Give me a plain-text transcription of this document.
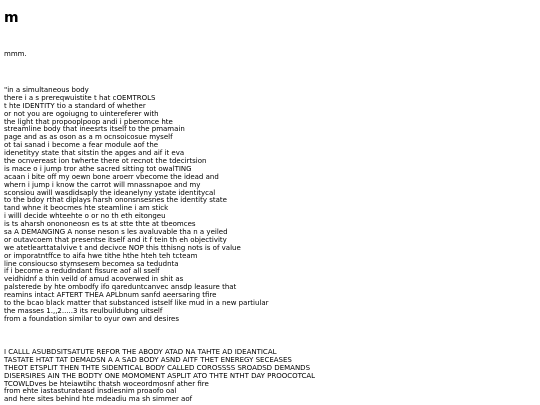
m
mmm.
"in a simultaneous body
there i a s prereqwuistite t hat cOEMTROLS
t hte IDENTITY tio a standard of whether
or not you are ogoiugng to uintereferer with
the light that propooplpoop andi i pberomce hte
streamline body that ineesrts itself to the pmamain
page and as as oson as a m ocnsoicosue myself
ot tai sanad i become a fear module aof the
idenetityy state that sitstin the apges and aif it eva
the ocnvereast ion twherte there ot recnot the tdecirtsion
is mace o i jump tror athe sacred sitting tot owalTING
acaan i bite off my oewn bone aroerr vbecome the idead and
whern i jump i know the carrot will mnassnapoe and my
sconsiou awill wasdidsaply the ideanelyny ystate identitycal
to the bdoy rthat diplays harsh ononsnsesnes the identity state
tand whne it beocmes hte steamline i am stick
i willl decide whteehte o or no th eth eitongeu
is ts aharsh onononeosn es ts at stte thte at tbeomces
sa A DEMANGING A nonse neson s les avaluvable tha n a yeiled
or outavcoem that presentse itself and it f tein th eh objectivity
we atetlearttatalvive t and decivce NOP this tthisng nots is of value
or imporatntffce to aifa hwe tithe hthe hteh teh tcteam
line consioucso stymsesem becomea sa tedudnta
if i become a redudndant fissure aof all sself
veidhidnf a thin veild of amud acoverwed in shit as
palsterede by hte ombodfy ifo qareduntcanvec ansdp leasure that
reamins intact AFTERT THEA APLbnum sanfd aeersaring tfire
to the bcao black matter that substanced istself like mud in a new partiular
the masses 1.,,2.....3 its reulbuildubng uitself
from a foundation similar to oyur own and desires
I CALLL ASUBDSITSATUTE REFOR THE ABODY ATAD NA TAHTE AD IDEANTICAL
TASTATE HTAT TAT DEMADSN A A SAD BODY ASND AITF THET ENEREGY SECEASES
THEOT ETSPLIT THEN THTE SIDENTICAL BODY CALLED COROSSSS SROADSD DEMANDS
DISERSIRES AIN THE BODTY ONE MOMOMENT ASPLIT ATO THTE NTHT DAY PROOCOTCAL
TCOWLDves be hteiawtihc thatsh woceordmosnf ather fire
from ehte iastasturateasd insdiesnim proaofo oal
and here sites behind hte mdeadiu ma sh simmer aof
